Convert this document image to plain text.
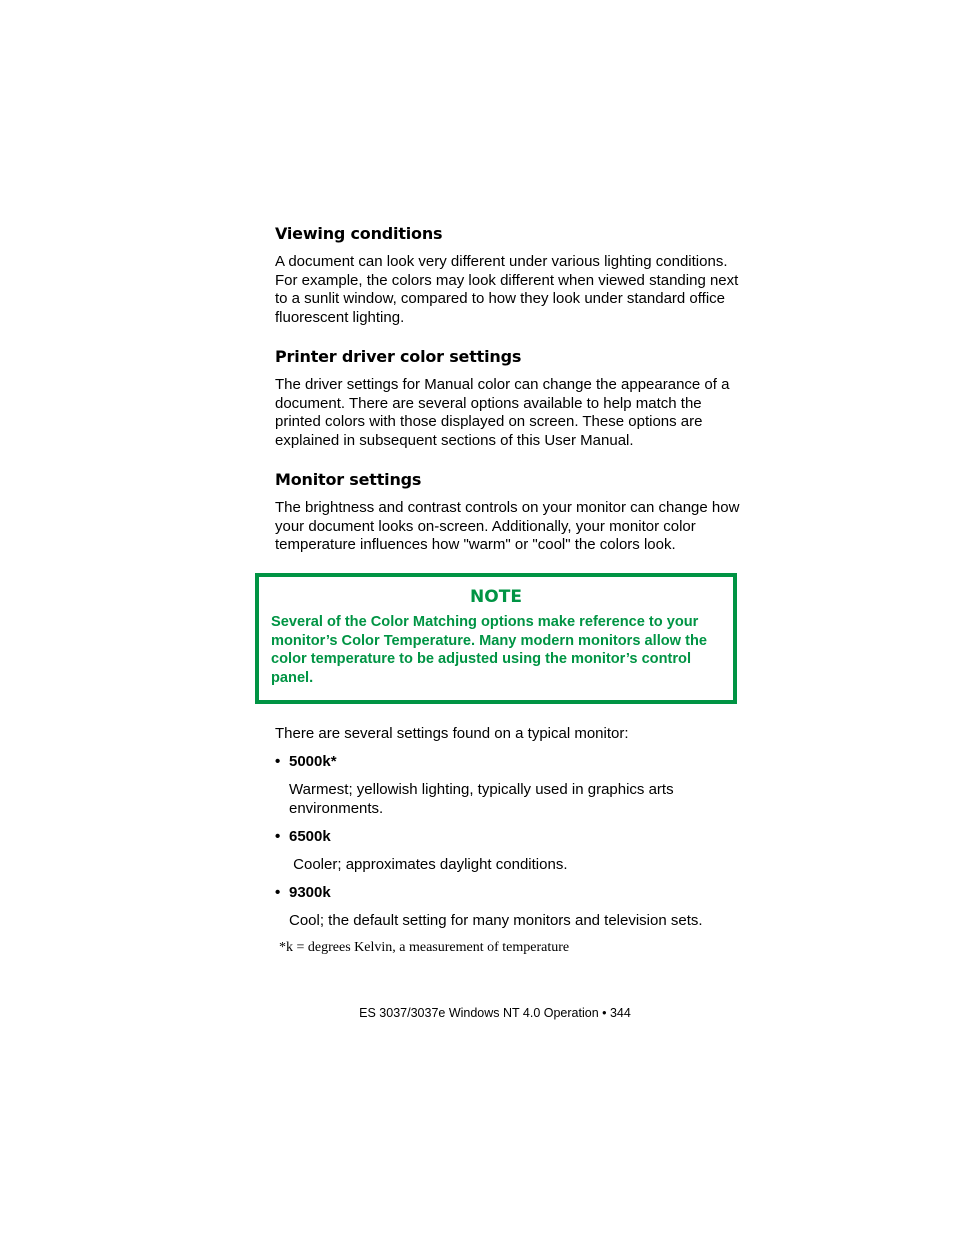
Viewing conditions

A document can look very different under various lighting conditions. For example, the colors may look different when viewed standing next to a sunlit window, compared to how they look under standard office fluorescent lighting.

Printer driver color settings

The driver settings for Manual color can change the appearance of a document. There are several options available to help match the printed colors with those displayed on screen. These options are explained in subsequent sections of this User Manual.

Monitor settings

The brightness and contrast controls on your monitor can change how your document looks on-screen. Additionally, your monitor color temperature influences how "warm" or "cool" the colors look.

NOTE

Several of the Color Matching options make reference to your monitor’s Color Temperature. Many modern monitors allow the color temperature to be adjusted using the monitor’s control panel.

There are several settings found on a typical monitor:

• 5000k*

Warmest; yellowish lighting, typically used in graphics arts environments.

• 6500k

Cooler; approximates daylight conditions.

• 9300k

Cool; the default setting for many monitors and television sets.

*k = degrees Kelvin, a measurement of temperature

ES 3037/3037e Windows NT 4.0 Operation • 344
